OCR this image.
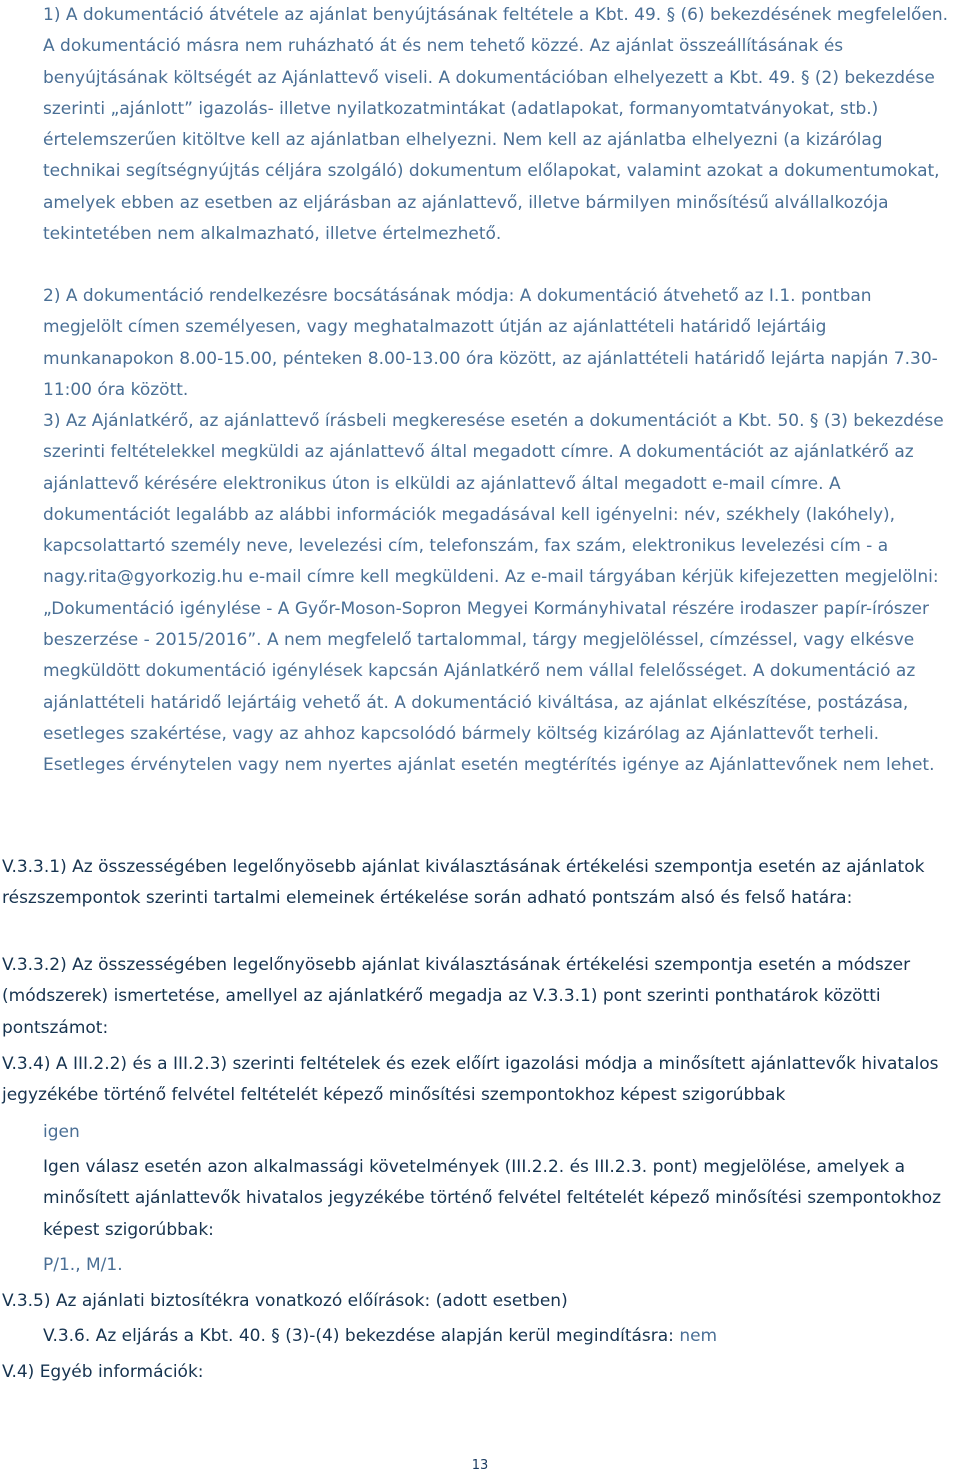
1) A dokumentáció átvétele az ajánlat benyújtásának feltétele a Kbt. 49. § (6) bekezdésének megfelelően. A dokumentáció másra nem ruházható át és nem tehető közzé. Az ajánlat összeállításának és benyújtásának költségét az Ajánlattevő viseli. A dokumentációban elhelyezett a Kbt. 49. § (2) bekezdése szerinti „ajánlott” igazolás- illetve nyilatkozatmintákat (adatlapokat, formanyomtatványokat, stb.) értelemszerűen kitöltve kell az ajánlatban elhelyezni. Nem kell az ajánlatba elhelyezni (a kizárólag technikai segítségnyújtás céljára szolgáló) dokumentum előlapokat, valamint azokat a dokumentumokat, amelyek ebben az esetben az eljárásban az ajánlattevő, illetve bármilyen minősítésű alvállalkozója tekintetében nem alkalmazható, illetve értelmezhető.

2) A dokumentáció rendelkezésre bocsátásának módja: A dokumentáció átvehető az I.1. pontban megjelölt címen személyesen, vagy meghatalmazott útján az ajánlattételi határidő lejártáig munkanapokon 8.00-15.00, pénteken 8.00-13.00 óra között, az ajánlattételi határidő lejárta napján 7.30-11:00 óra között.

3) Az Ajánlatkérő, az ajánlattevő írásbeli megkeresése esetén a dokumentációt a Kbt. 50. § (3) bekezdése szerinti feltételekkel megküldi az ajánlattevő által megadott címre. A dokumentációt az ajánlatkérő az ajánlattevő kérésére elektronikus úton is elküldi az ajánlattevő által megadott e-mail címre. A dokumentációt legalább az alábbi információk megadásával kell igényelni: név, székhely (lakóhely), kapcsolattartó személy neve, levelezési cím, telefonszám, fax szám, elektronikus levelezési cím - a nagy.rita@gyorkozig.hu e-mail címre kell megküldeni. Az e-mail tárgyában kérjük kifejezetten megjelölni: „Dokumentáció igénylése - A Győr-Moson-Sopron Megyei Kormányhivatal részére irodaszer papír-írószer beszerzése - 2015/2016”. A nem megfelelő tartalommal, tárgy megjelöléssel, címzéssel, vagy elkésve megküldött dokumentáció igénylések kapcsán Ajánlatkérő nem vállal felelősséget. A dokumentáció az ajánlattételi határidő lejártáig vehető át. A dokumentáció kiváltása, az ajánlat elkészítése, postázása, esetleges szakértése, vagy az ahhoz kapcsolódó bármely költség kizárólag az Ajánlattevőt terheli. Esetleges érvénytelen vagy nem nyertes ajánlat esetén megtérítés igénye az Ajánlattevőnek nem lehet.

V.3.3.1) Az összességében legelőnyösebb ajánlat kiválasztásának értékelési szempontja esetén az ajánlatok részszempontok szerinti tartalmi elemeinek értékelése során adható pontszám alsó és felső határa:

V.3.3.2) Az összességében legelőnyösebb ajánlat kiválasztásának értékelési szempontja esetén a módszer (módszerek) ismertetése, amellyel az ajánlatkérő megadja az V.3.3.1) pont szerinti ponthatárok közötti pontszámot:

V.3.4) A III.2.2) és a III.2.3) szerinti feltételek és ezek előírt igazolási módja a minősített ajánlattevők hivatalos jegyzékébe történő felvétel feltételét képező minősítési szempontokhoz képest szigorúbbak

igen

Igen válasz esetén azon alkalmassági követelmények (III.2.2. és III.2.3. pont) megjelölése, amelyek a minősített ajánlattevők hivatalos jegyzékébe történő felvétel feltételét képező minősítési szempontokhoz képest szigorúbbak:

P/1., M/1.

V.3.5) Az ajánlati biztosítékra vonatkozó előírások: (adott esetben)

V.3.6. Az eljárás a Kbt. 40. § (3)-(4) bekezdése alapján kerül megindításra: nem

V.4) Egyéb információk:

13
